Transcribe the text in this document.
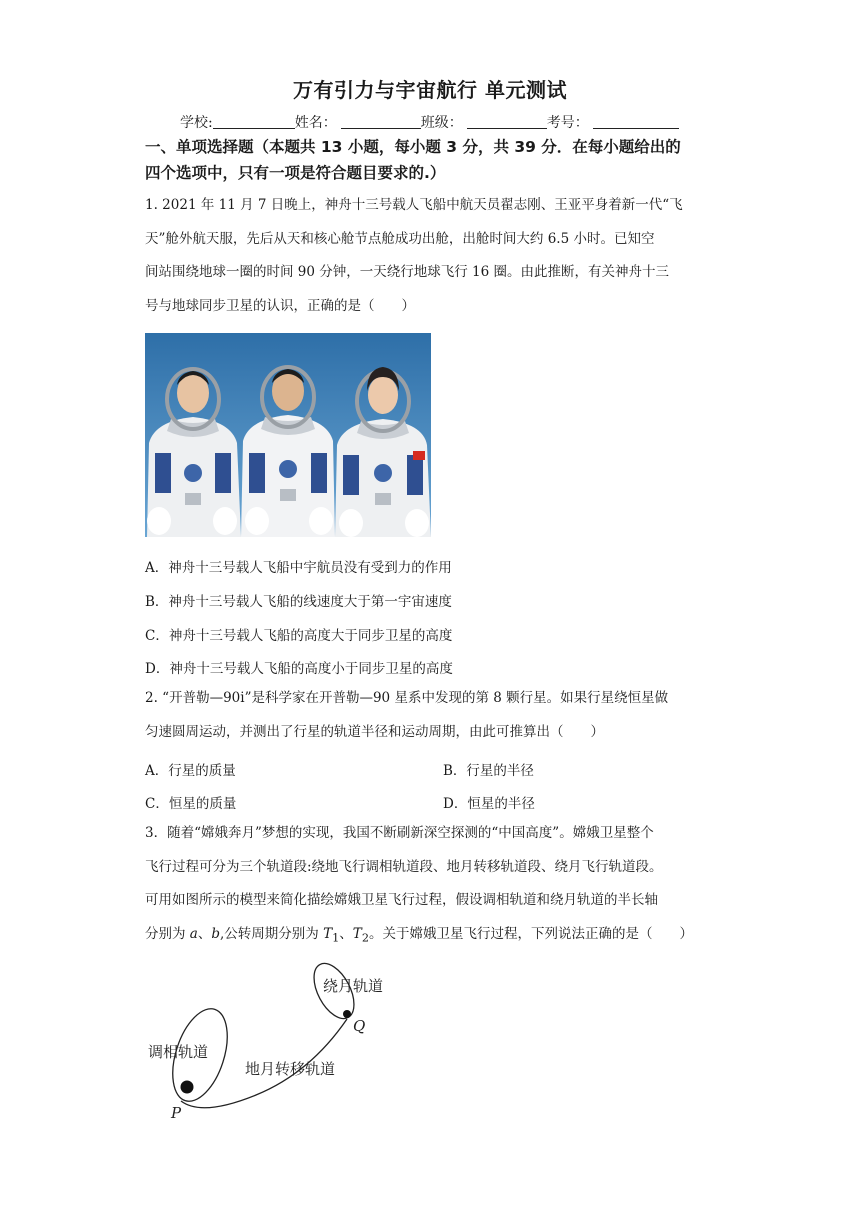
万有引力与宇宙航行 单元测试
学校:	姓名：	班级：	考号：
一、单项选择题（本题共 13 小题，每小题 3 分，共 39 分．在每小题给出的
四个选项中，只有一项是符合题目要求的.）
1. 2021 年 11 月 7 日晚上，神舟十三号载人飞船中航天员翟志刚、王亚平身着新一代“飞
天”舱外航天服，先后从天和核心舱节点舱成功出舱，出舱时间大约 6.5 小时。已知空
间站围绕地球一圈的时间 90 分钟，一天绕行地球飞行 16 圈。由此推断，有关神舟十三
号与地球同步卫星的认识，正确的是（　　）
A．神舟十三号载人飞船中宇航员没有受到力的作用
B．神舟十三号载人飞船的线速度大于第一宇宙速度
C．神舟十三号载人飞船的高度大于同步卫星的高度
D．神舟十三号载人飞船的高度小于同步卫星的高度
2. “开普勒—90i”是科学家在开普勒—90 星系中发现的第 8 颗行星。如果行星绕恒星做
匀速圆周运动，并测出了行星的轨道半径和运动周期，由此可推算出（　　）
A．行星的质量	B．行星的半径
C．恒星的质量	D．恒星的半径
3．随着“嫦娥奔月”梦想的实现，我国不断刷新深空探测的“中国高度”。嫦娥卫星整个
飞行过程可分为三个轨道段:绕地飞行调相轨道段、地月转移轨道段、绕月飞行轨道段。
可用如图所示的模型来简化描绘嫦娥卫星飞行过程，假设调相轨道和绕月轨道的半长轴
分别为 a、b,公转周期分别为 $T_1$、$T_2$。关于嫦娥卫星飞行过程，下列说法正确的是（　　）
绕月轨道
调相轨道
地月转移轨道
P
Q
